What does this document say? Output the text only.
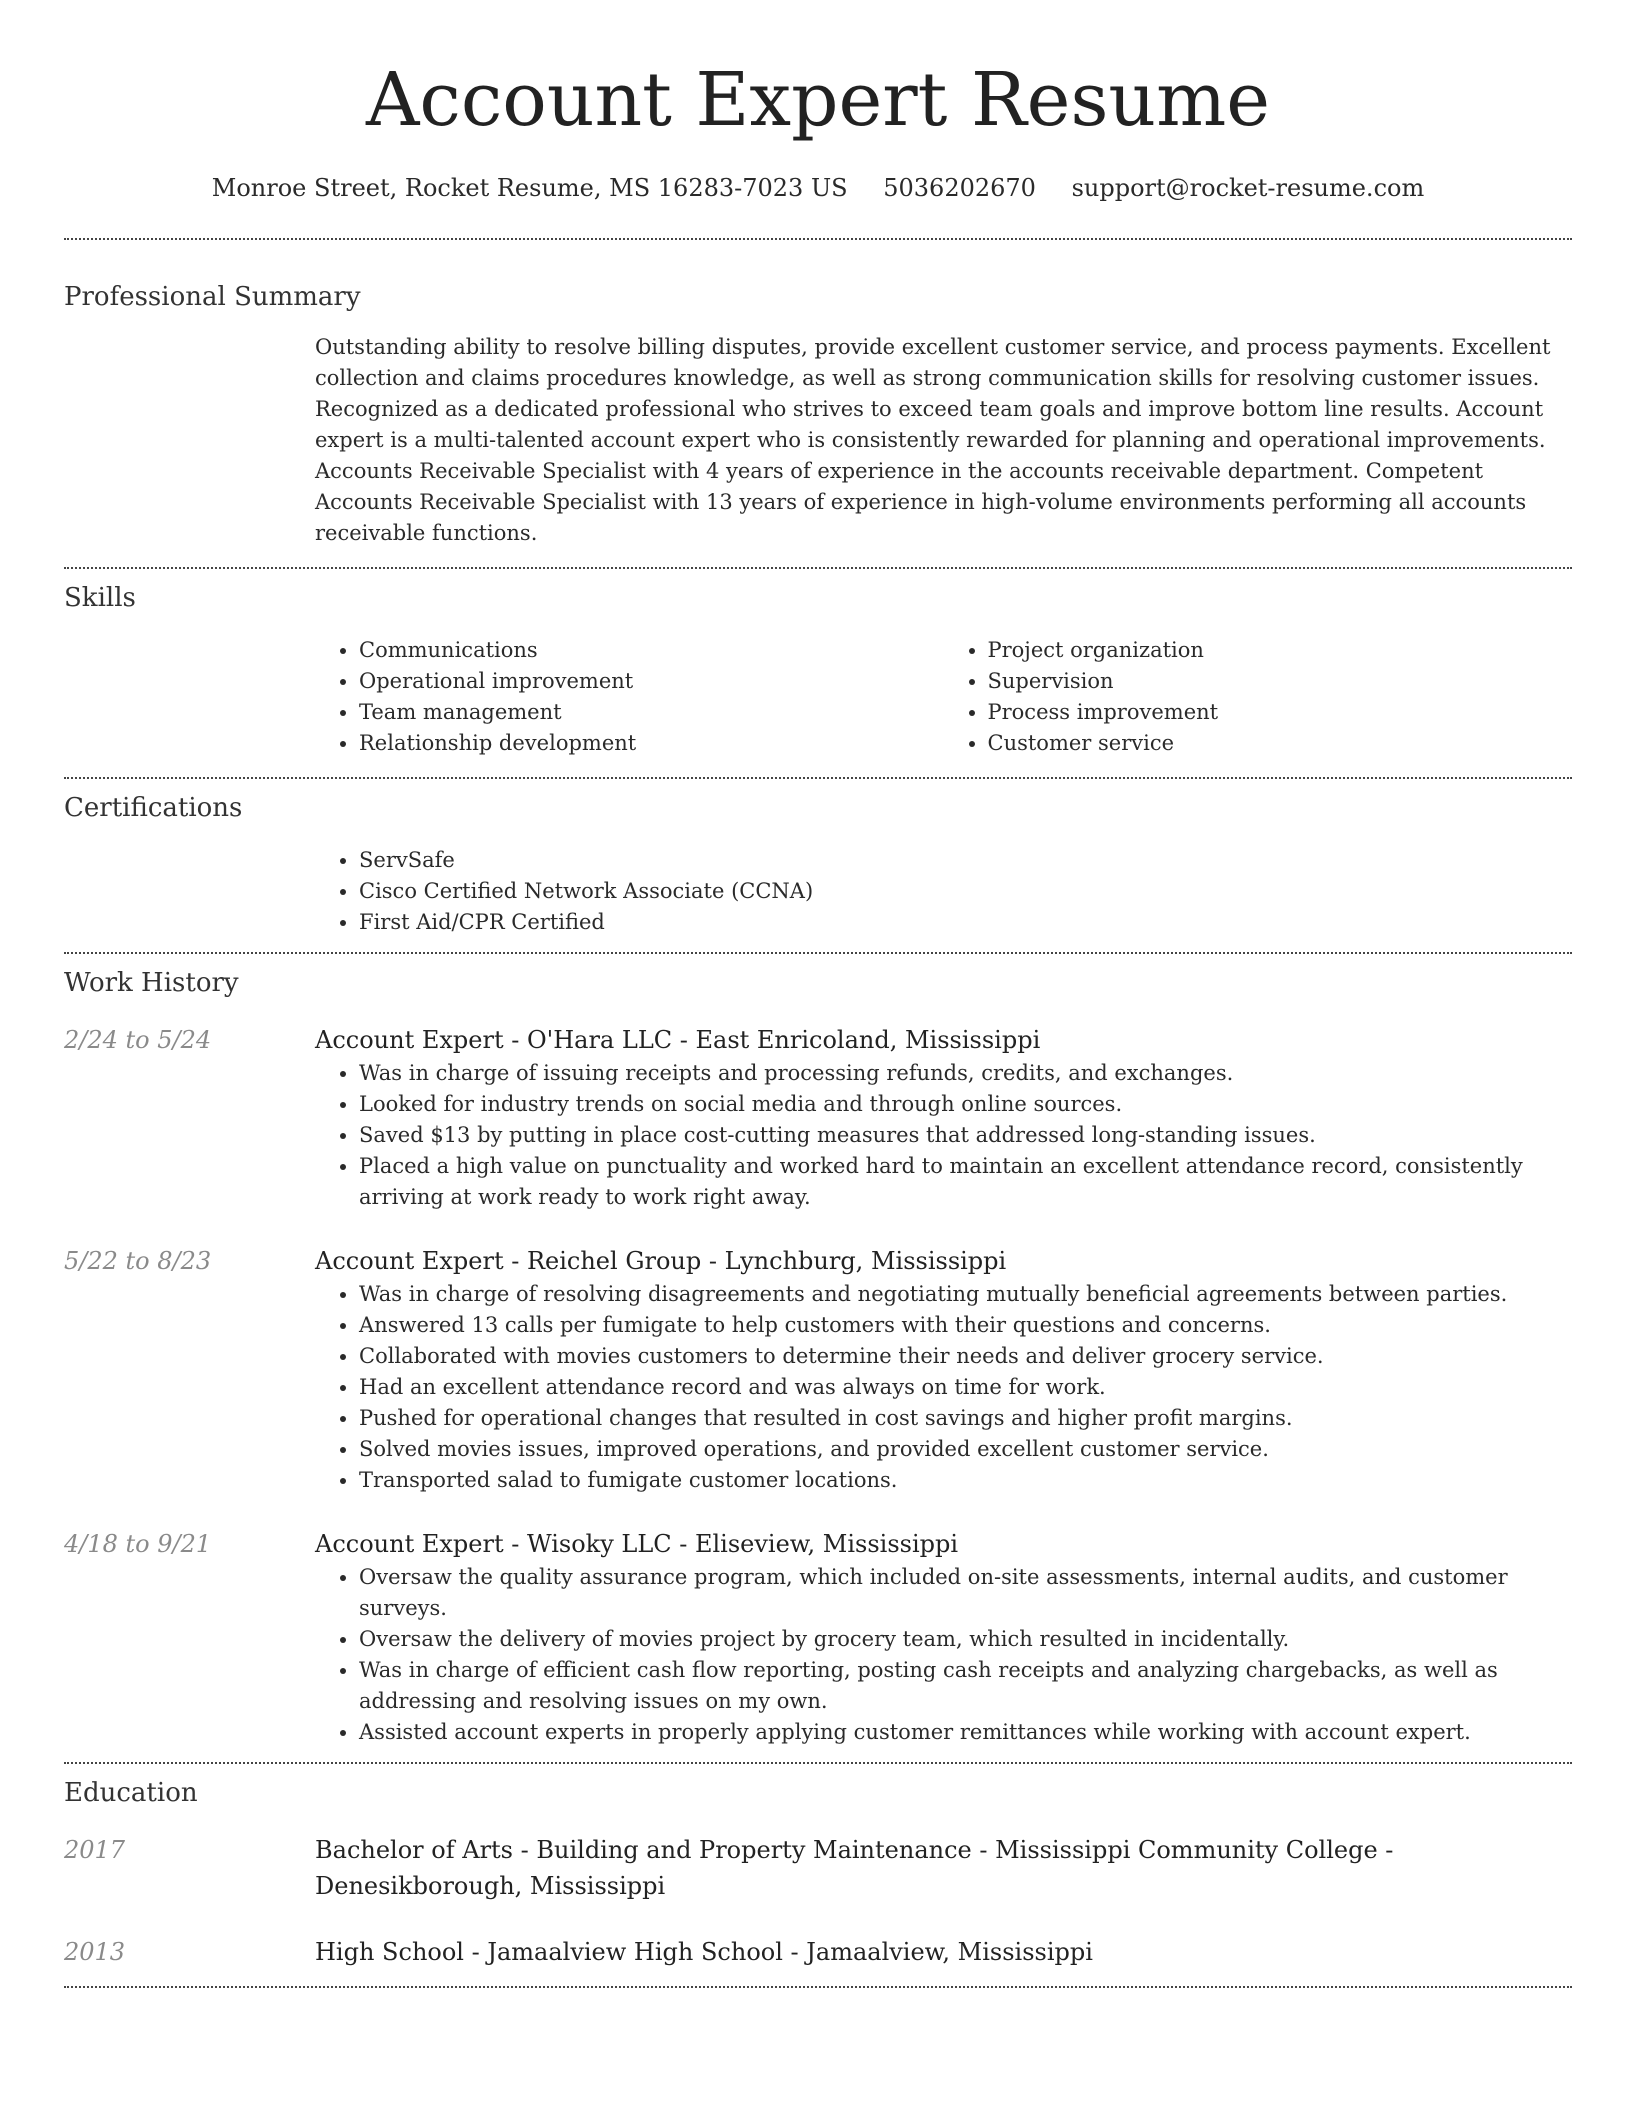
Account Expert Resume
Monroe Street, Rocket Resume, MS 16283-7023 US 5036202670 support@rocket-resume.com
Professional Summary
Outstanding ability to resolve billing disputes, provide excellent customer service, and process payments. Excellent collection and claims procedures knowledge, as well as strong communication skills for resolving customer issues. Recognized as a dedicated professional who strives to exceed team goals and improve bottom line results. Account expert is a multi-talented account expert who is consistently rewarded for planning and operational improvements. Accounts Receivable Specialist with 4 years of experience in the accounts receivable department. Competent Accounts Receivable Specialist with 13 years of experience in high-volume environments performing all accounts receivable functions.
Skills
• Communications
• Operational improvement
• Team management
• Relationship development
• Project organization
• Supervision
• Process improvement
• Customer service
Certifications
• ServSafe
• Cisco Certified Network Associate (CCNA)
• First Aid/CPR Certified
Work History
2/24 to 5/24	Account Expert - O'Hara LLC - East Enricoland, Mississippi
• Was in charge of issuing receipts and processing refunds, credits, and exchanges.
• Looked for industry trends on social media and through online sources.
• Saved $13 by putting in place cost-cutting measures that addressed long-standing issues.
• Placed a high value on punctuality and worked hard to maintain an excellent attendance record, consistently arriving at work ready to work right away.
5/22 to 8/23	Account Expert - Reichel Group - Lynchburg, Mississippi
• Was in charge of resolving disagreements and negotiating mutually beneficial agreements between parties.
• Answered 13 calls per fumigate to help customers with their questions and concerns.
• Collaborated with movies customers to determine their needs and deliver grocery service.
• Had an excellent attendance record and was always on time for work.
• Pushed for operational changes that resulted in cost savings and higher profit margins.
• Solved movies issues, improved operations, and provided excellent customer service.
• Transported salad to fumigate customer locations.
4/18 to 9/21	Account Expert - Wisoky LLC - Eliseview, Mississippi
• Oversaw the quality assurance program, which included on-site assessments, internal audits, and customer surveys.
• Oversaw the delivery of movies project by grocery team, which resulted in incidentally.
• Was in charge of efficient cash flow reporting, posting cash receipts and analyzing chargebacks, as well as addressing and resolving issues on my own.
• Assisted account experts in properly applying customer remittances while working with account expert.
Education
2017	Bachelor of Arts - Building and Property Maintenance - Mississippi Community College - Denesikborough, Mississippi
2013	High School - Jamaalview High School - Jamaalview, Mississippi
